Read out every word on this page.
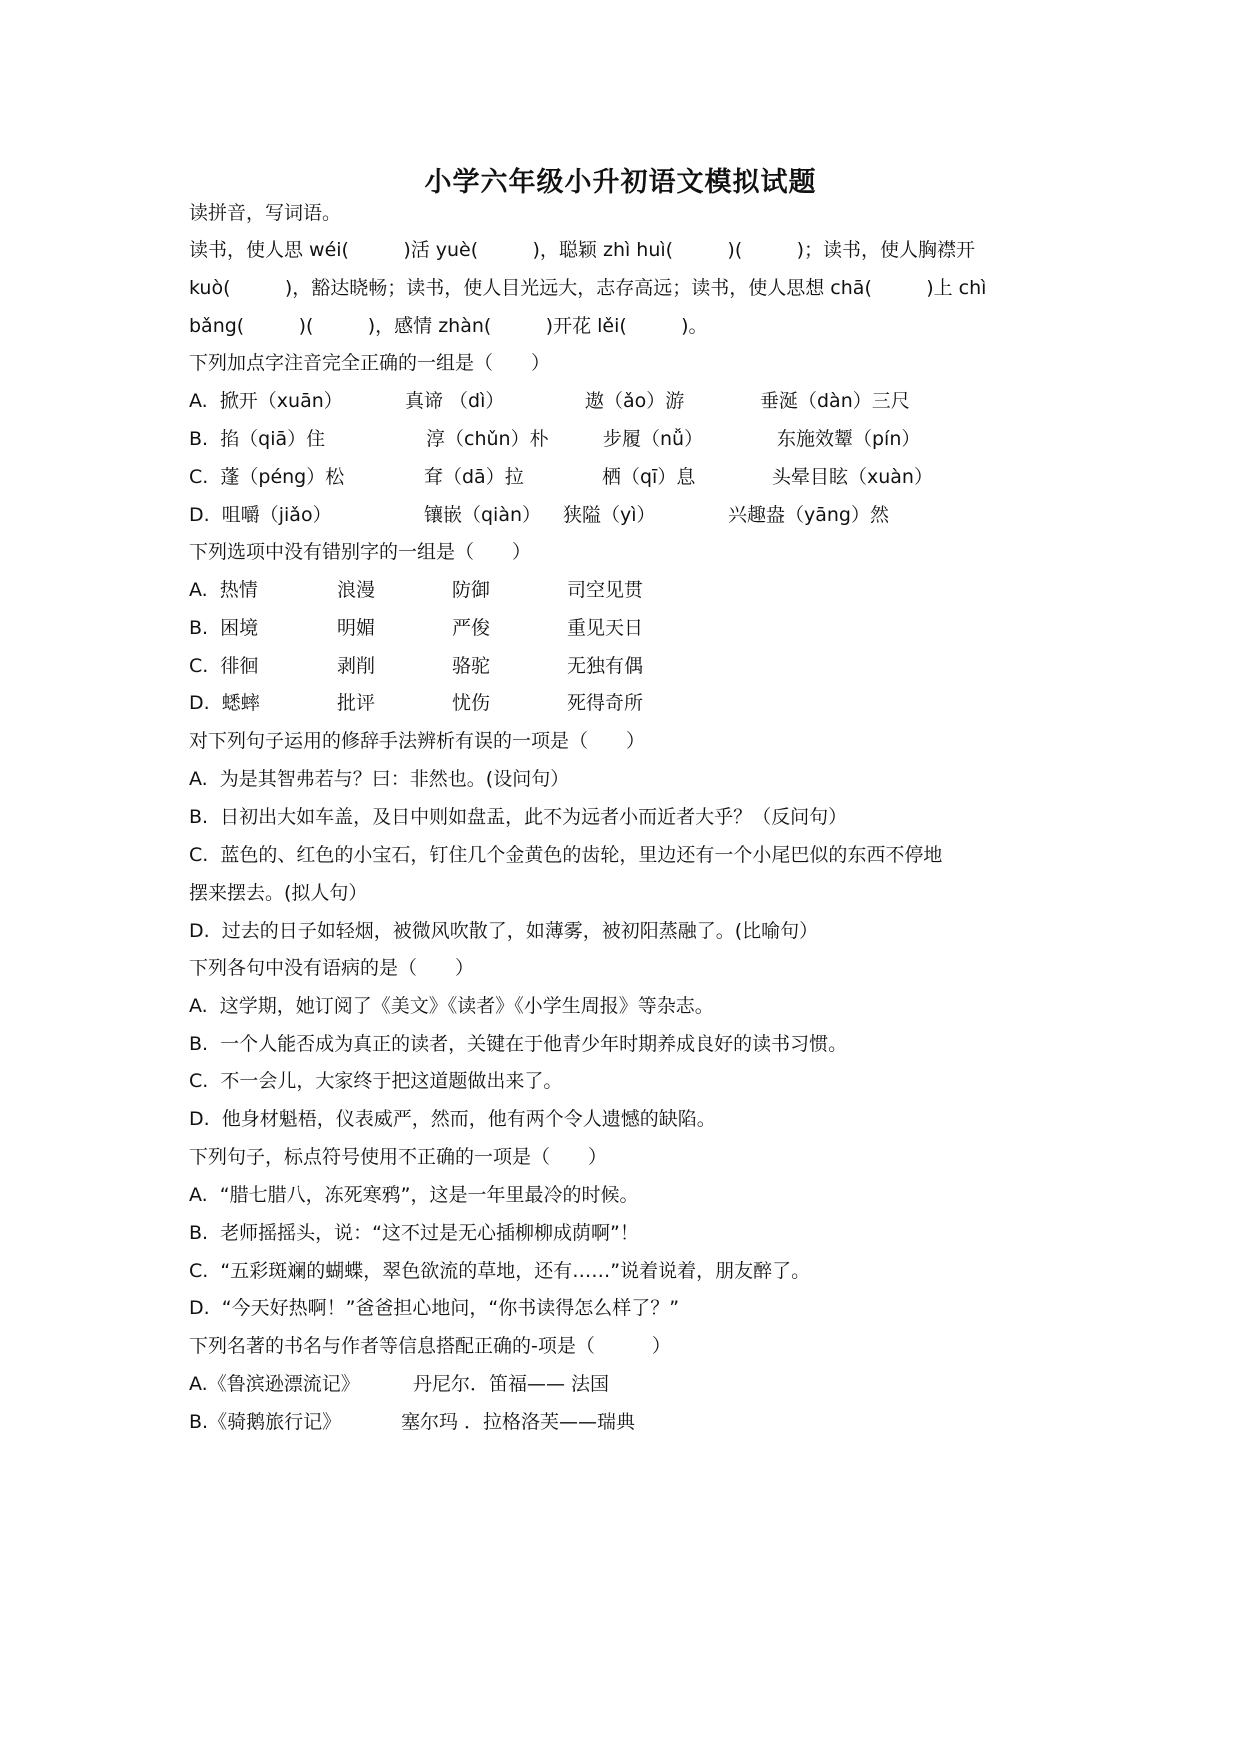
小学六年级小升初语文模拟试题
读拼音，写词语。
读书，使人思 wéi(         )活 yuè(         )，聪颖 zhì huì(         )(         )；读书，使人胸襟开
kuò(         )，豁达晓畅；读书，使人目光远大，志存高远；读书，使人思想 chā(         )上 chì
bǎng(         )(         )，感情 zhàn(         )开花 lěi(         )。
下列加点字注音完全正确的一组是（　　）
A.  掀开（xuān）	真谛 （dì）	遨（ǎo）游	垂涎（dàn）三尺
B.  掐（qiā）住	淳（chǔn）朴	步履（nǚ）	东施效颦（pín）
C.  蓬（péng）松	耷（dā）拉	栖（qī）息	头晕目眩（xuàn）
D.  咀嚼（jiǎo）	镶嵌（qiàn） 狭隘（yì）	兴趣盎（yāng）然
下列选项中没有错别字的一组是（　　）
A.  热情	浪漫	防御	司空见贯
B.  困境	明媚	严俊	重见天日
C.  徘徊	剥削	骆驼	无独有偶
D.  蟋蟀	批评	忧伤	死得奇所
对下列句子运用的修辞手法辨析有误的一项是（　　）
A.  为是其智弗若与？曰：非然也。(设问句）
B.  日初出大如车盖，及日中则如盘盂，此不为远者小而近者大乎？（反问句）
C.  蓝色的、红色的小宝石，钉住几个金黄色的齿轮，里边还有一个小尾巴似的东西不停地
摆来摆去。(拟人句）
D.  过去的日子如轻烟，被微风吹散了，如薄雾，被初阳蒸融了。(比喻句）
下列各句中没有语病的是（　　）
A.  这学期，她订阅了《美文》《读者》《小学生周报》等杂志。
B.  一个人能否成为真正的读者，关键在于他青少年时期养成良好的读书习惯。
C.  不一会儿，大家终于把这道题做出来了。
D.  他身材魁梧，仪表威严，然而，他有两个令人遗憾的缺陷。
下列句子，标点符号使用不正确的一项是（　　）
A.  “腊七腊八，冻死寒鸦”，这是一年里最冷的时候。
B.  老师摇摇头，说：“这不过是无心插柳柳成荫啊”！
C.  “五彩斑斓的蝴蝶，翠色欲流的草地，还有……”说着说着，朋友醉了。
D.  “今天好热啊！”爸爸担心地问，“你书读得怎么样了？”
下列名著的书名与作者等信息搭配正确的-项是（　　　）
A.《鲁滨逊漂流记》	丹尼尔．笛福—— 法国
B.《骑鹅旅行记》	塞尔玛 ．拉格洛芙——瑞典
